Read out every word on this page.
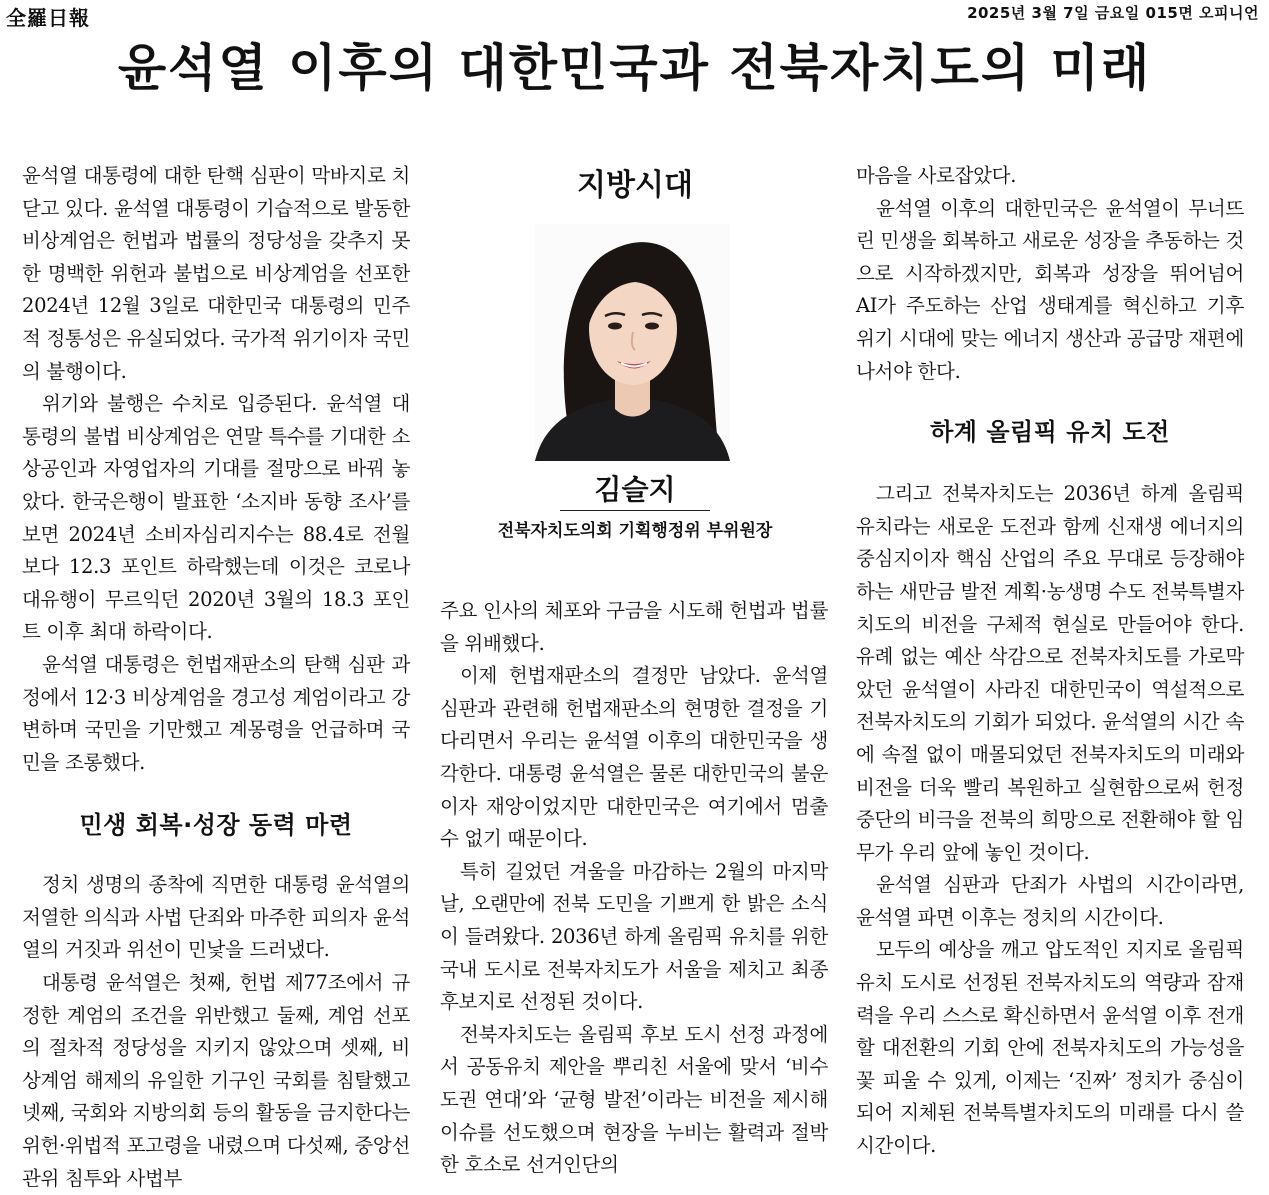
全羅日報	2025년 3월 7일 금요일 015면 오피니언
윤석열 이후의 대한민국과 전북자치도의 미래
지방시대
김슬지
전북자치도의회 기획행정위 부위원장

윤석열 대통령에 대한 탄핵 심판이 막바지로 치닫고 있다. 윤석열 대통령이 기습적으로 발동한 비상계엄은 헌법과 법률의 정당성을 갖추지 못한 명백한 위헌과 불법으로 비상계엄을 선포한 2024년 12월 3일로 대한민국 대통령의 민주적 정통성은 유실되었다. 국가적 위기이자 국민의 불행이다.

위기와 불행은 수치로 입증된다. 윤석열 대통령의 불법 비상계엄은 연말 특수를 기대한 소상공인과 자영업자의 기대를 절망으로 바꿔 놓았다. 한국은행이 발표한 ‘소지바 동향 조사’를 보면 2024년 소비자심리지수는 88.4로 전월보다 12.3 포인트 하락했는데 이것은 코로나 대유행이 무르익던 2020년 3월의 18.3 포인트 이후 최대 하락이다.

윤석열 대통령은 헌법재판소의 탄핵 심판 과정에서 12·3 비상계엄을 경고성 계엄이라고 강변하며 국민을 기만했고 계몽령을 언급하며 국민을 조롱했다.

민생 회복·성장 동력 마련

정치 생명의 종착에 직면한 대통령 윤석열의 저열한 의식과 사법 단죄와 마주한 피의자 윤석열의 거짓과 위선이 민낯을 드러냈다.

대통령 윤석열은 첫째, 헌법 제77조에서 규정한 계엄의 조건을 위반했고 둘째, 계엄 선포의 절차적 정당성을 지키지 않았으며 셋째, 비상계엄 해제의 유일한 기구인 국회를 침탈했고 넷째, 국회와 지방의회 등의 활동을 금지한다는 위헌·위법적 포고령을 내렸으며 다섯째, 중앙선관위 침투와 사법부

주요 인사의 체포와 구금을 시도해 헌법과 법률을 위배했다.

이제 헌법재판소의 결정만 남았다. 윤석열 심판과 관련해 헌법재판소의 현명한 결정을 기다리면서 우리는 윤석열 이후의 대한민국을 생각한다. 대통령 윤석열은 물론 대한민국의 불운이자 재앙이었지만 대한민국은 여기에서 멈출 수 없기 때문이다.

특히 길었던 겨울을 마감하는 2월의 마지막 날, 오랜만에 전북 도민을 기쁘게 한 밝은 소식이 들려왔다. 2036년 하계 올림픽 유치를 위한 국내 도시로 전북자치도가 서울을 제치고 최종 후보지로 선정된 것이다.

전북자치도는 올림픽 후보 도시 선정 과정에서 공동유치 제안을 뿌리친 서울에 맞서 ‘비수도권 연대’와 ‘균형 발전’이라는 비전을 제시해 이슈를 선도했으며 현장을 누비는 활력과 절박한 호소로 선거인단의

마음을 사로잡았다.

윤석열 이후의 대한민국은 윤석열이 무너뜨린 민생을 회복하고 새로운 성장을 추동하는 것으로 시작하겠지만, 회복과 성장을 뛰어넘어 AI가 주도하는 산업 생태계를 혁신하고 기후 위기 시대에 맞는 에너지 생산과 공급망 재편에 나서야 한다.

하계 올림픽 유치 도전

그리고 전북자치도는 2036년 하계 올림픽 유치라는 새로운 도전과 함께 신재생 에너지의 중심지이자 핵심 산업의 주요 무대로 등장해야 하는 새만금 발전 계획·농생명 수도 전북특별자치도의 비전을 구체적 현실로 만들어야 한다. 유례 없는 예산 삭감으로 전북자치도를 가로막았던 윤석열이 사라진 대한민국이 역설적으로 전북자치도의 기회가 되었다. 윤석열의 시간 속에 속절 없이 매몰되었던 전북자치도의 미래와 비전을 더욱 빨리 복원하고 실현함으로써 헌정 중단의 비극을 전북의 희망으로 전환해야 할 임무가 우리 앞에 놓인 것이다.

윤석열 심판과 단죄가 사법의 시간이라면, 윤석열 파면 이후는 정치의 시간이다.

모두의 예상을 깨고 압도적인 지지로 올림픽 유치 도시로 선정된 전북자치도의 역량과 잠재력을 우리 스스로 확신하면서 윤석열 이후 전개할 대전환의 기회 안에 전북자치도의 가능성을 꽃 피울 수 있게, 이제는 ‘진짜’ 정치가 중심이 되어 지체된 전북특별자치도의 미래를 다시 쓸 시간이다.
